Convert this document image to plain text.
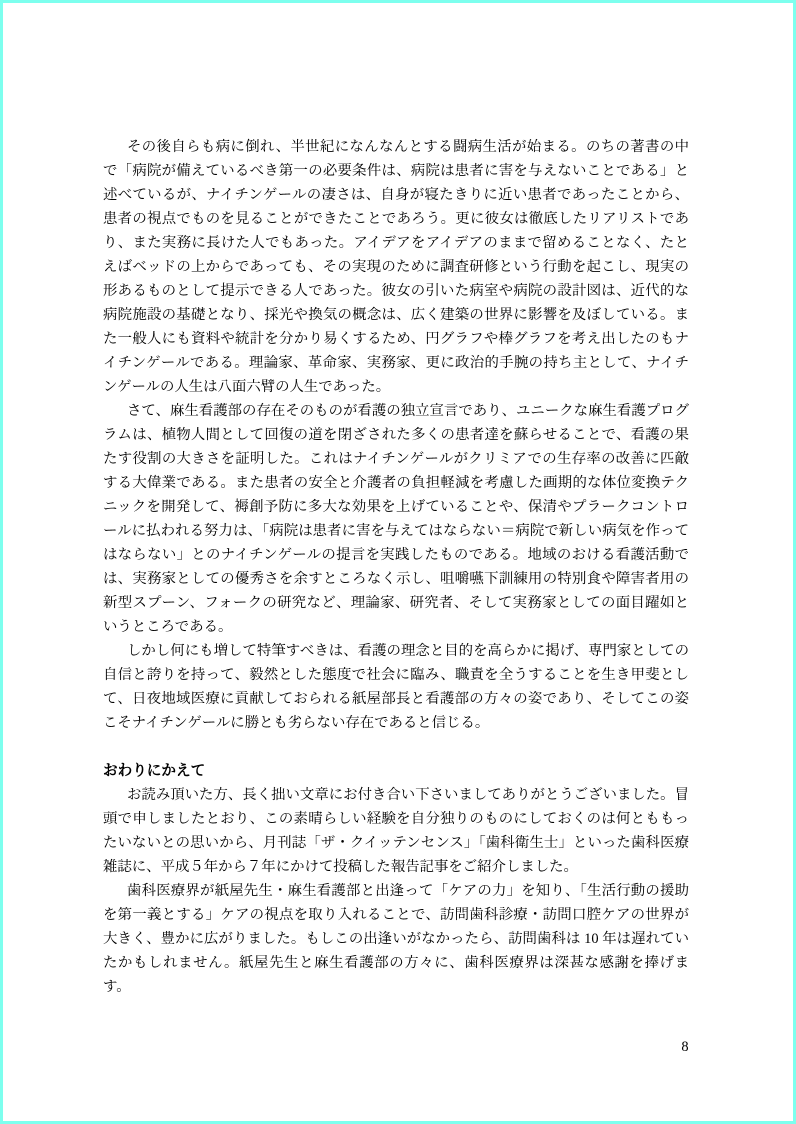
その後自らも病に倒れ、半世紀になんなんとする闘病生活が始まる。のちの著書の中で「病院が備えているべき第一の必要条件は、病院は患者に害を与えないことである」と述べているが、ナイチンゲールの凄さは、自身が寝たきりに近い患者であったことから、患者の視点でものを見ることができたことであろう。更に彼女は徹底したリアリストであり、また実務に長けた人でもあった。アイデアをアイデアのままで留めることなく、たとえばベッドの上からであっても、その実現のために調査研修という行動を起こし、現実の形あるものとして提示できる人であった。彼女の引いた病室や病院の設計図は、近代的な病院施設の基礎となり、採光や換気の概念は、広く建築の世界に影響を及ぼしている。また一般人にも資料や統計を分かり易くするため、円グラフや棒グラフを考え出したのもナイチンゲールである。理論家、革命家、実務家、更に政治的手腕の持ち主として、ナイチンゲールの人生は八面六臂の人生であった。

さて、麻生看護部の存在そのものが看護の独立宣言であり、ユニークな麻生看護プログラムは、植物人間として回復の道を閉ざされた多くの患者達を蘇らせることで、看護の果たす役割の大きさを証明した。これはナイチンゲールがクリミアでの生存率の改善に匹敵する大偉業である。また患者の安全と介護者の負担軽減を考慮した画期的な体位変換テクニックを開発して、褥創予防に多大な効果を上げていることや、保清やプラークコントロールに払われる努力は、「病院は患者に害を与えてはならない＝病院で新しい病気を作ってはならない」とのナイチンゲールの提言を実践したものである。地域のおける看護活動では、実務家としての優秀さを余すところなく示し、咀嚼嚥下訓練用の特別食や障害者用の新型スプーン、フォークの研究など、理論家、研究者、そして実務家としての面目躍如というところである。

しかし何にも増して特筆すべきは、看護の理念と目的を高らかに掲げ、専門家としての自信と誇りを持って、毅然とした態度で社会に臨み、職責を全うすることを生き甲斐として、日夜地域医療に貢献しておられる紙屋部長と看護部の方々の姿であり、そしてこの姿こそナイチンゲールに勝とも劣らない存在であると信じる。

おわりにかえて

お読み頂いた方、長く拙い文章にお付き合い下さいましてありがとうございました。冒頭で申しましたとおり、この素晴らしい経験を自分独りのものにしておくのは何とももったいないとの思いから、月刊誌「ザ・クイッテンセンス」「歯科衛生士」といった歯科医療雑誌に、平成５年から７年にかけて投稿した報告記事をご紹介しました。

歯科医療界が紙屋先生・麻生看護部と出逢って「ケアの力」を知り、「生活行動の援助を第一義とする」ケアの視点を取り入れることで、訪問歯科診療・訪問口腔ケアの世界が大きく、豊かに広がりました。もしこの出逢いがなかったら、訪問歯科は 10 年は遅れていたかもしれません。紙屋先生と麻生看護部の方々に、歯科医療界は深甚な感謝を捧げます。

8
